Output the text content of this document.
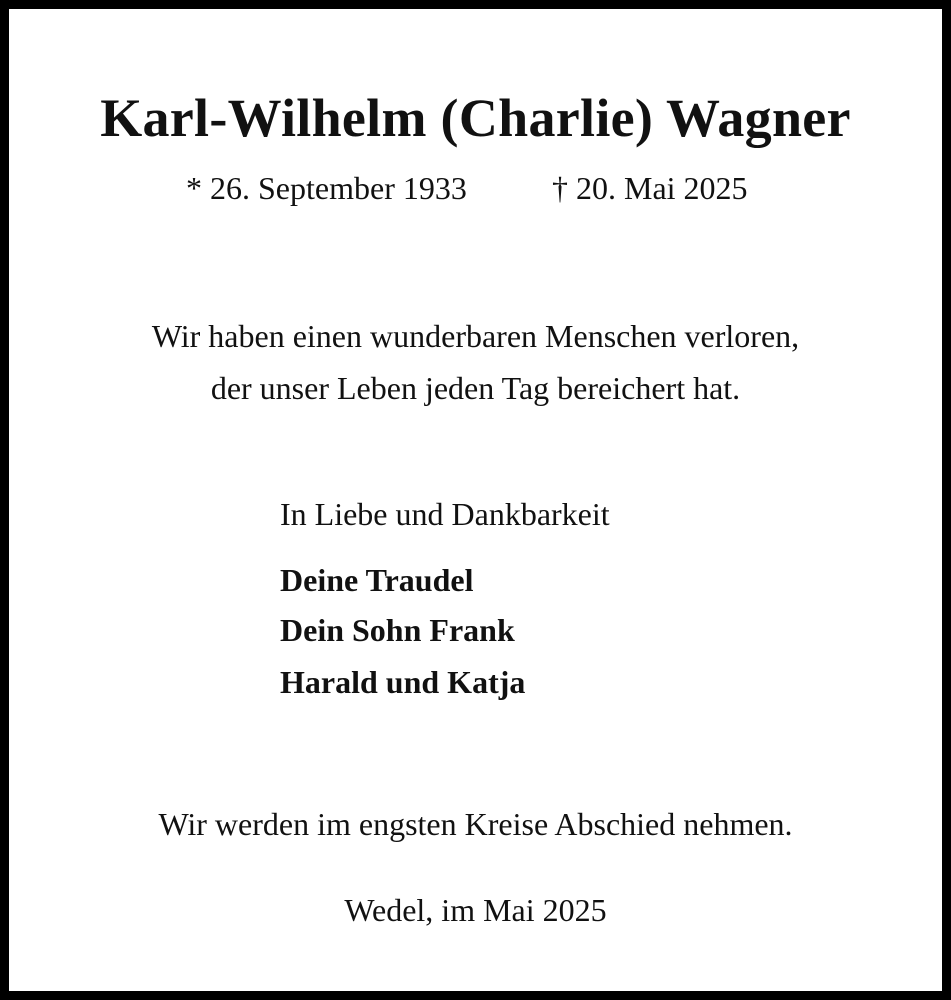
Karl-Wilhelm (Charlie) Wagner
* 26. September 1933	† 20. Mai 2025
Wir haben einen wunderbaren Menschen verloren,
der unser Leben jeden Tag bereichert hat.
In Liebe und Dankbarkeit
Deine Traudel
Dein Sohn Frank
Harald und Katja
Wir werden im engsten Kreise Abschied nehmen.
Wedel, im Mai 2025
